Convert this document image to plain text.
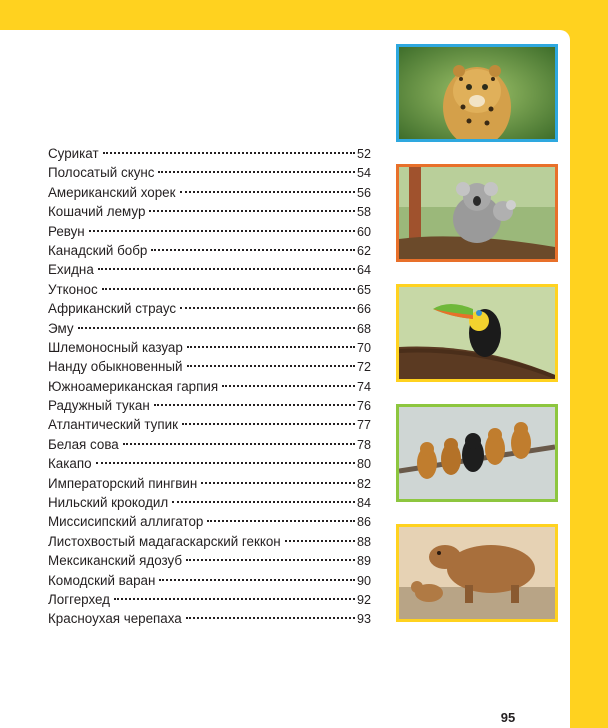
Сурикат	52
Полосатый скунс	54
Американский хорек	56
Кошачий лемур	58
Ревун	60
Канадский бобр	62
Ехидна	64
Утконос	65
Африканский страус	66
Эму	68
Шлемоносный казуар	70
Нанду обыкновенный	72
Южноамериканская гарпия	74
Радужный тукан	76
Атлантический тупик	77
Белая сова	78
Какапо	80
Императорский пингвин	82
Нильский крокодил	84
Миссисипский аллигатор	86
Листохвостый мадагаскарский геккон	88
Мексиканский ядозуб	89
Комодский варан	90
Логгерхед	92
Красноухая черепаха	93
95
